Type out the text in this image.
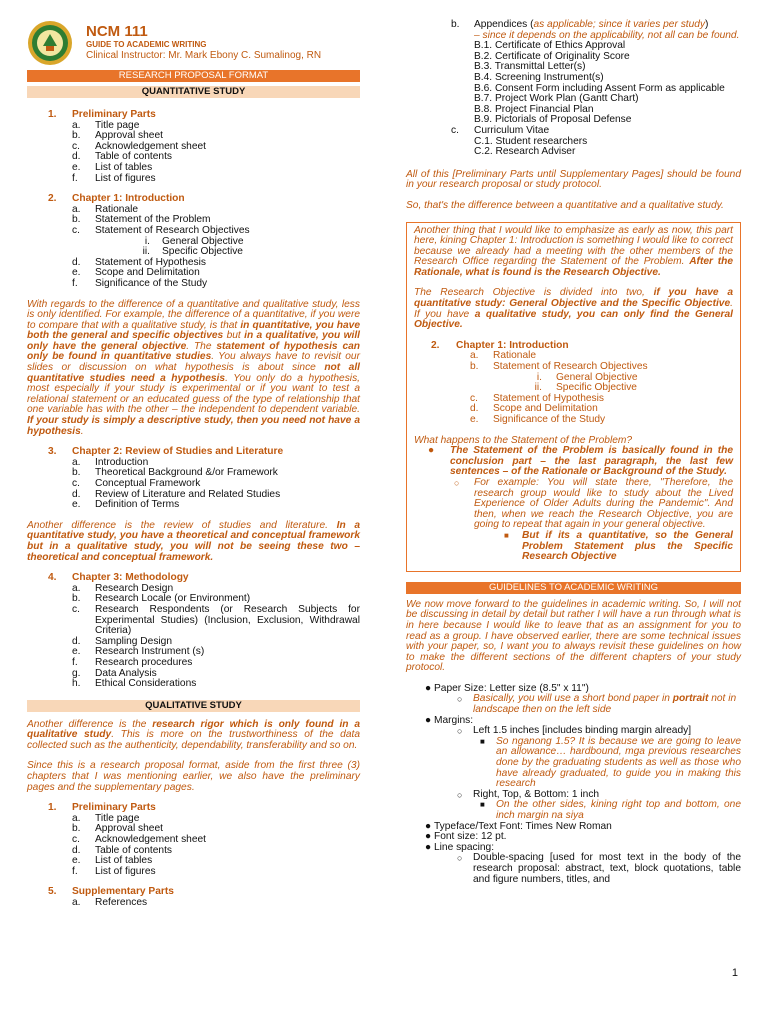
NCM 111
GUIDE TO ACADEMIC WRITING
Clinical Instructor: Mr. Mark Ebony C. Sumalinog, RN
RESEARCH PROPOSAL FORMAT
QUANTITATIVE STUDY
1. Preliminary Parts
a. Title page
b. Approval sheet
c. Acknowledgement sheet
d. Table of contents
e. List of tables
f. List of figures
2. Chapter 1: Introduction
a. Rationale
b. Statement of the Problem
c. Statement of Research Objectives
i. General Objective
ii. Specific Objective
d. Statement of Hypothesis
e. Scope and Delimitation
f. Significance of the Study
With regards to the difference of a quantitative and qualitative study, less is only identified. For example, the difference of a quantitative, if you were to compare that with a qualitative study, is that in quantitative, you have both the general and specific objectives but in a qualitative, you will only have the general objective. The statement of hypothesis can only be found in quantitative studies. You always have to revisit our slides or discussion on what hypothesis is about since not all quantitative studies need a hypothesis. You only do a hypothesis, most especially if your study is experimental or if you want to test a relational statement or an educated guess of the type of relationship that one variable has with the other – the independent to dependent variable. If your study is simply a descriptive study, then you need not have a hypothesis.
3. Chapter 2: Review of Studies and Literature
a. Introduction
b. Theoretical Background &/or Framework
c. Conceptual Framework
d. Review of Literature and Related Studies
e. Definition of Terms
Another difference is the review of studies and literature. In a quantitative study, you have a theoretical and conceptual framework but in a qualitative study, you will not be seeing these two – theoretical and conceptual framework.
4. Chapter 3: Methodology
a. Research Design
b. Research Locale (or Environment)
c. Research Respondents (or Research Subjects for Experimental Studies) (Inclusion, Exclusion, Withdrawal Criteria)
d. Sampling Design
e. Research Instrument (s)
f. Research procedures
g. Data Analysis
h. Ethical Considerations
QUALITATIVE STUDY
Another difference is the research rigor which is only found in a qualitative study. This is more on the trustworthiness of the data collected such as the authenticity, dependability, transferability and so on.
Since this is a research proposal format, aside from the first three (3) chapters that I was mentioning earlier, we also have the preliminary pages and the supplementary pages.
1. Preliminary Parts
a. Title page
b. Approval sheet
c. Acknowledgement sheet
d. Table of contents
e. List of tables
f. List of figures
5. Supplementary Parts
a. References
b. Appendices (as applicable; since it varies per study)
– since it depends on the applicability, not all can be found.
B.1. Certificate of Ethics Approval
B.2. Certificate of Originality Score
B.3. Transmittal Letter(s)
B.4. Screening Instrument(s)
B.6. Consent Form including Assent Form as applicable
B.7. Project Work Plan (Gantt Chart)
B.8. Project Financial Plan
B.9. Pictorials of Proposal Defense
c. Curriculum Vitae
C.1. Student researchers
C.2. Research Adviser
All of this [Preliminary Parts until Supplementary Pages] should be found in your research proposal or study protocol.
So, that's the difference between a quantitative and a qualitative study.
Another thing that I would like to emphasize as early as now, this part here, kining Chapter 1: Introduction is something I would like to correct because we already had a meeting with the other members of the Research Office regarding the Statement of the Problem. After the Rationale, what is found is the Research Objective.
The Research Objective is divided into two, if you have a quantitative study: General Objective and the Specific Objective. If you have a qualitative study, you can only find the General Objective.
2. Chapter 1: Introduction
a. Rationale
b. Statement of Research Objectives
i. General Objective
ii. Specific Objective
c. Statement of Hypothesis
d. Scope and Delimitation
e. Significance of the Study
What happens to the Statement of the Problem?
● The Statement of the Problem is basically found in the conclusion part – the last paragraph, the last few sentences – of the Rationale or Background of the Study.
○ For example: You will state there, "Therefore, the research group would like to study about the Lived Experience of Older Adults during the Pandemic". And then, when we reach the Research Objective, you are going to repeat that again in your general objective.
■ But if its a quantitative, so the General Problem Statement plus the Specific Research Objective
GUIDELINES TO ACADEMIC WRITING
We now move forward to the guidelines in academic writing. So, I will not be discussing in detail by detail but rather I will have a run through what is in here because I would like to leave that as an assignment for you to read as a group. I have observed earlier, there are some technical issues with your paper, so, I want you to always revisit these guidelines on how to make the different sections of the different chapters of your study protocol.
● Paper Size: Letter size (8.5" x 11")
○ Basically, you will use a short bond paper in portrait not in landscape then on the left side
● Margins:
○ Left 1.5 inches [includes binding margin already]
■ So nganong 1.5? It is because we are going to leave an allowance… hardbound, mga previous researches done by the graduating students as well as those who have already graduated, to guide you in making this research
○ Right, Top, & Bottom: 1 inch
■ On the other sides, kining right top and bottom, one inch margin na siya
● Typeface/Text Font: Times New Roman
● Font size: 12 pt.
● Line spacing:
○ Double-spacing [used for most text in the body of the research proposal: abstract, text, block quotations, table and figure numbers, titles, and
1
